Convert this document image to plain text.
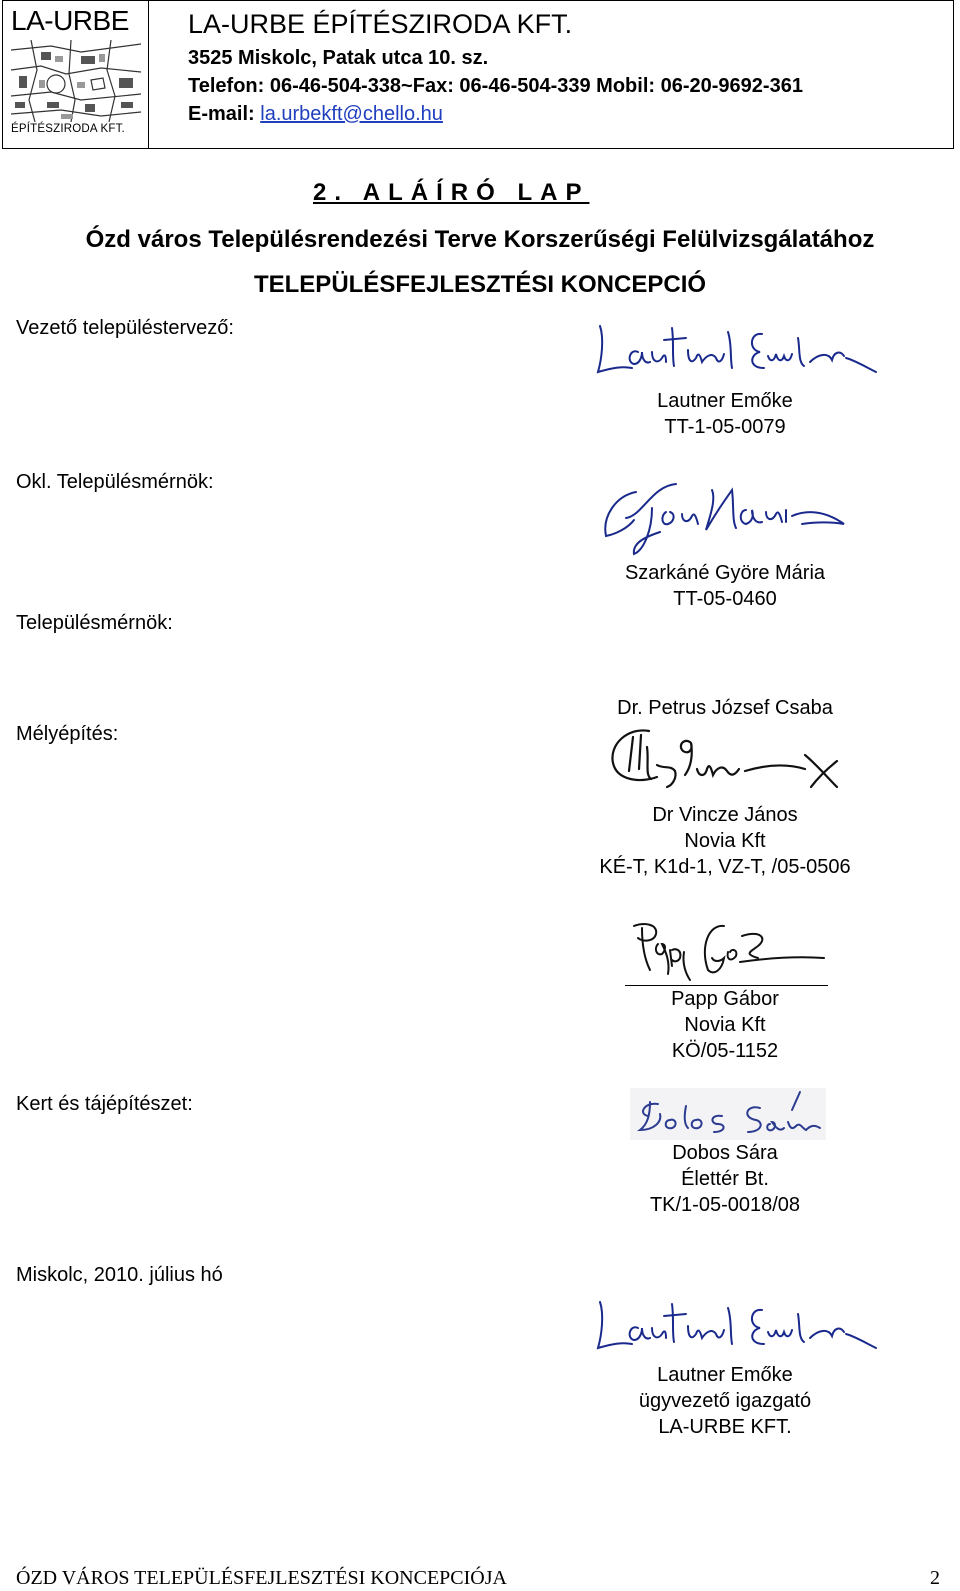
LA-URBE
ÉPÍTÉSZIRODA KFT.
LA-URBE ÉPÍTÉSZIRODA KFT.
3525 Miskolc, Patak utca 10. sz.
Telefon: 06-46-504-338~Fax: 06-46-504-339 Mobil: 06-20-9692-361
E-mail: la.urbekft@chello.hu
2. ALÁÍRÓ LAP
Ózd város Településrendezési Terve Korszerűségi Felülvizsgálatához
TELEPÜLÉSFEJLESZTÉSI KONCEPCIÓ
Vezető településtervező:
Okl. Településmérnök:
Településmérnök:
Mélyépítés:
Kert és tájépítészet:
Miskolc, 2010. július hó
Lautner Emőke
TT-1-05-0079
Szarkáné Györe Mária
TT-05-0460
Dr. Petrus József Csaba
Dr Vincze János
Novia Kft
KÉ-T, K1d-1, VZ-T, /05-0506
Papp Gábor
Novia Kft
KÖ/05-1152
Dobos Sára
Élettér Bt.
TK/1-05-0018/08
Lautner Emőke
ügyvezető igazgató
LA-URBE KFT.
ÓZD VÁROS TELEPÜLÉSFEJLESZTÉSI KONCEPCIÓJA	2
